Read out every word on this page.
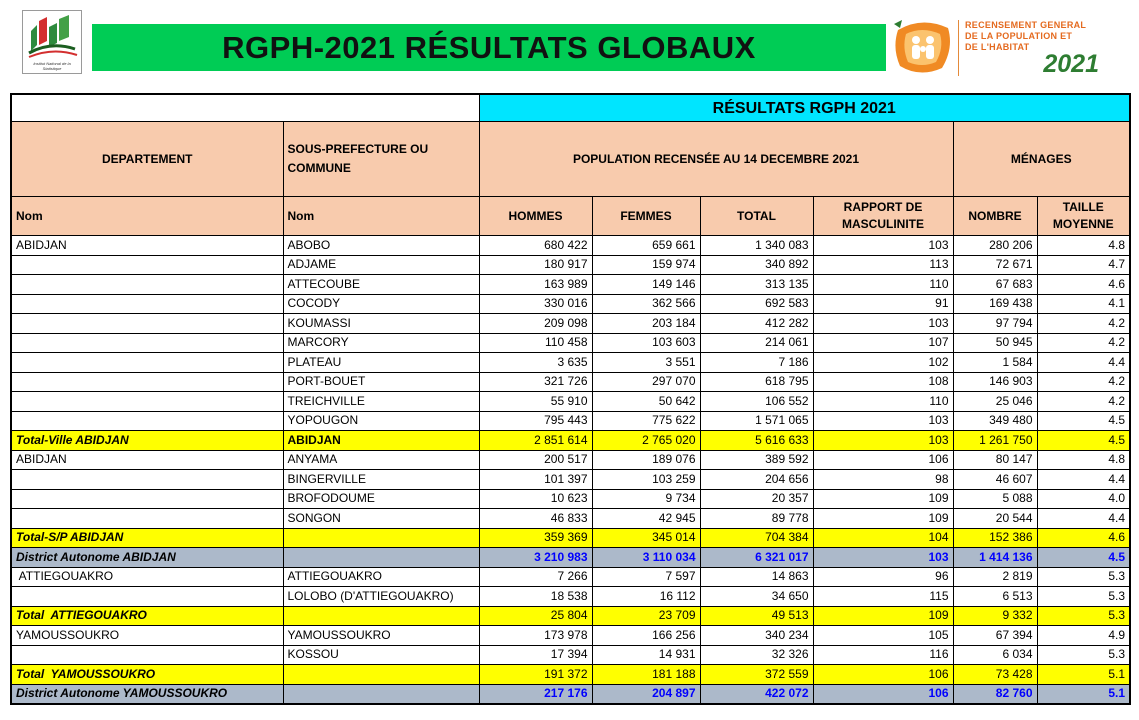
Institut National de la Statistique
RGPH-2021 RÉSULTATS GLOBAUX
RECENSEMENT GENERAL
DE LA POPULATION ET
DE L'HABITAT
2021
		RÉSULTATS RGPH 2021					
DEPARTEMENT	SOUS-PREFECTURE OU COMMUNE	POPULATION RECENSÉE AU 14 DECEMBRE 2021				MÉNAGES	
Nom	Nom	HOMMES	FEMMES	TOTAL	RAPPORT DE MASCULINITE	NOMBRE	TAILLE MOYENNE
ABIDJAN	ABOBO	680 422	659 661	1 340 083	103	280 206	4.8
	ADJAME	180 917	159 974	340 892	113	72 671	4.7
	ATTECOUBE	163 989	149 146	313 135	110	67 683	4.6
	COCODY	330 016	362 566	692 583	91	169 438	4.1
	KOUMASSI	209 098	203 184	412 282	103	97 794	4.2
	MARCORY	110 458	103 603	214 061	107	50 945	4.2
	PLATEAU	3 635	3 551	7 186	102	1 584	4.4
	PORT-BOUET	321 726	297 070	618 795	108	146 903	4.2
	TREICHVILLE	55 910	50 642	106 552	110	25 046	4.2
	YOPOUGON	795 443	775 622	1 571 065	103	349 480	4.5
Total-Ville ABIDJAN	ABIDJAN	2 851 614	2 765 020	5 616 633	103	1 261 750	4.5
ABIDJAN	ANYAMA	200 517	189 076	389 592	106	80 147	4.8
	BINGERVILLE	101 397	103 259	204 656	98	46 607	4.4
	BROFODOUME	10 623	9 734	20 357	109	5 088	4.0
	SONGON	46 833	42 945	89 778	109	20 544	4.4
Total-S/P ABIDJAN		359 369	345 014	704 384	104	152 386	4.6
District Autonome ABIDJAN		3 210 983	3 110 034	6 321 017	103	1 414 136	4.5
ATTIEGOUAKRO	ATTIEGOUAKRO	7 266	7 597	14 863	96	2 819	5.3
	LOLOBO (D'ATTIEGOUAKRO)	18 538	16 112	34 650	115	6 513	5.3
Total  ATTIEGOUAKRO		25 804	23 709	49 513	109	9 332	5.3
YAMOUSSOUKRO	YAMOUSSOUKRO	173 978	166 256	340 234	105	67 394	4.9
	KOSSOU	17 394	14 931	32 326	116	6 034	5.3
Total  YAMOUSSOUKRO		191 372	181 188	372 559	106	73 428	5.1
District Autonome YAMOUSSOUKRO		217 176	204 897	422 072	106	82 760	5.1
